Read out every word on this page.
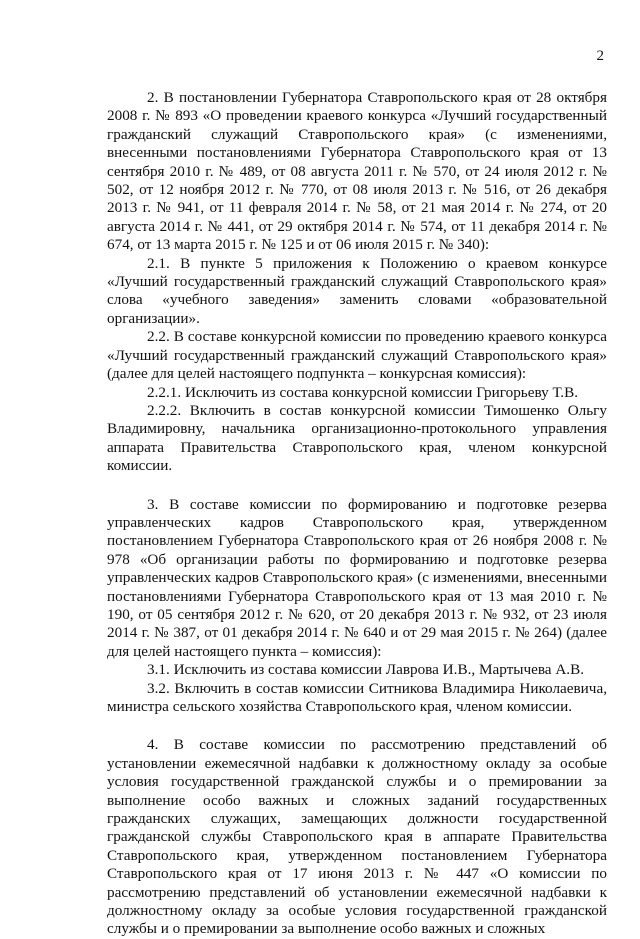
2

2. В постановлении Губернатора Ставропольского края от 28 октября 2008 г. № 893 «О проведении краевого конкурса «Лучший государственный гражданский служащий Ставропольского края» (с изменениями, внесенными постановлениями Губернатора Ставропольского края от 13 сентября 2010 г. № 489, от 08 августа 2011 г. № 570, от 24 июля 2012 г. № 502, от 12 ноября 2012 г. № 770, от 08 июля 2013 г. № 516, от 26 декабря 2013 г. № 941, от 11 февраля 2014 г. № 58, от 21 мая 2014 г. № 274, от 20 августа 2014 г. № 441, от 29 октября 2014 г. № 574, от 11 декабря 2014 г. № 674, от 13 марта 2015 г. № 125 и от 06 июля 2015 г. № 340):

2.1. В пункте 5 приложения к Положению о краевом конкурсе «Лучший государственный гражданский служащий Ставропольского края» слова «учебного заведения» заменить словами «образовательной организации».

2.2. В составе конкурсной комиссии по проведению краевого конкурса «Лучший государственный гражданский служащий Ставропольского края» (далее для целей настоящего подпункта – конкурсная комиссия):

2.2.1. Исключить из состава конкурсной комиссии Григорьеву Т.В.

2.2.2. Включить в состав конкурсной комиссии Тимошенко Ольгу Владимировну, начальника организационно-протокольного управления аппарата Правительства Ставропольского края, членом конкурсной комиссии.

3. В составе комиссии по формированию и подготовке резерва управленческих кадров Ставропольского края, утвержденном постановлением Губернатора Ставропольского края от 26 ноября 2008 г. № 978 «Об организации работы по формированию и подготовке резерва управленческих кадров Ставропольского края» (с изменениями, внесенными постановлениями Губернатора Ставропольского края от 13 мая 2010 г. № 190, от 05 сентября 2012 г. № 620, от 20 декабря 2013 г. № 932, от 23 июля 2014 г. № 387, от 01 декабря 2014 г. № 640 и от 29 мая 2015 г. № 264) (далее для целей настоящего пункта – комиссия):

3.1. Исключить из состава комиссии Лаврова И.В., Мартычева А.В.

3.2. Включить в состав комиссии Ситникова Владимира Николаевича, министра сельского хозяйства Ставропольского края, членом комиссии.

4. В составе комиссии по рассмотрению представлений об установлении ежемесячной надбавки к должностному окладу за особые условия государственной гражданской службы и о премировании за выполнение особо важных и сложных заданий государственных гражданских служащих, замещающих должности государственной гражданской службы Ставропольского края в аппарате Правительства Ставропольского края, утвержденном постановлением Губернатора Ставропольского края от 17 июня 2013 г. № 447 «О комиссии по рассмотрению представлений об установлении ежемесячной надбавки к должностному окладу за особые условия государственной гражданской службы и о премировании за выполнение особо важных и сложных
